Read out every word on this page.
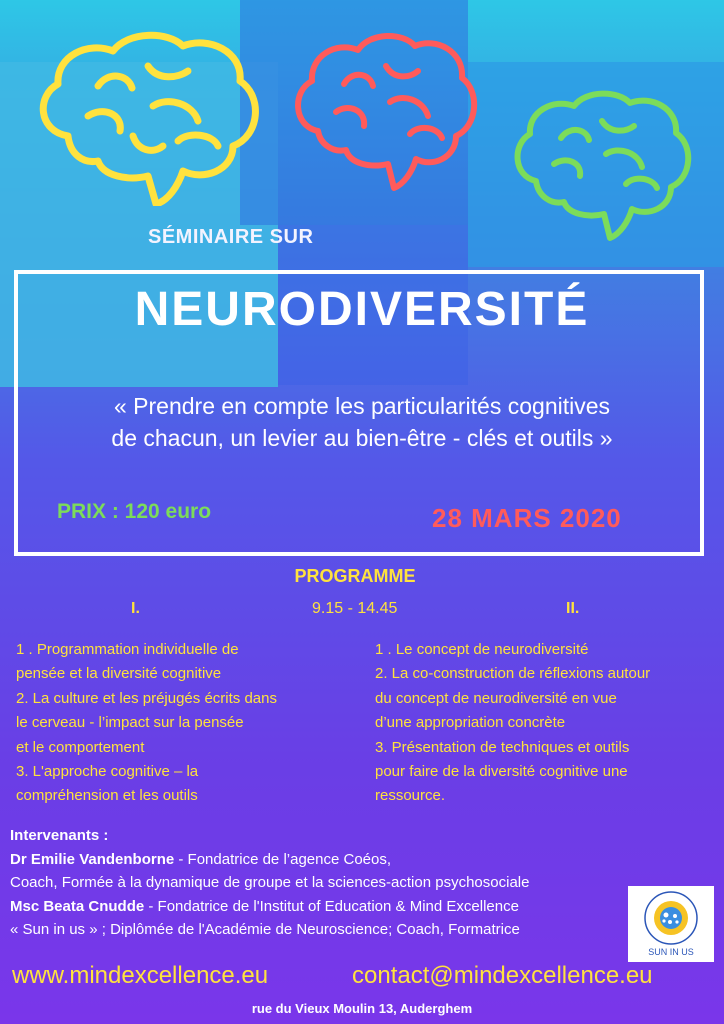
SÉMINAIRE SUR
NEURODIVERSITÉ
« Prendre en compte les particularités cognitives
de chacun, un levier au bien-être - clés et outils »
PRIX : 120 euro	28 MARS 2020
PROGRAMME
I.	9.15 - 14.45	II.
1 . Programmation individuelle de
pensée et la diversité cognitive
2. La culture et les préjugés écrits dans
le cerveau - l’impact sur la pensée
et le comportement
3. L'approche cognitive – la
compréhension et les outils
1 . Le concept de neurodiversité
2. La co-construction de réflexions autour
du concept de neurodiversité en vue
d’une appropriation concrète
3. Présentation de techniques et outils
pour faire de la diversité cognitive une
ressource.

Intervenants :

Dr Emilie Vandenborne - Fondatrice de l’agence Coéos,

Coach, Formée à la dynamique de groupe et la sciences-action psychosociale

Msc Beata Cnudde - Fondatrice de l'Institut of Education & Mind Excellence

« Sun in us » ; Diplômée de l'Académie de Neuroscience; Coach, Formatrice

SUN IN US
www.mindexcellence.eu	contact@mindexcellence.eu
rue du Vieux Moulin 13, Auderghem
